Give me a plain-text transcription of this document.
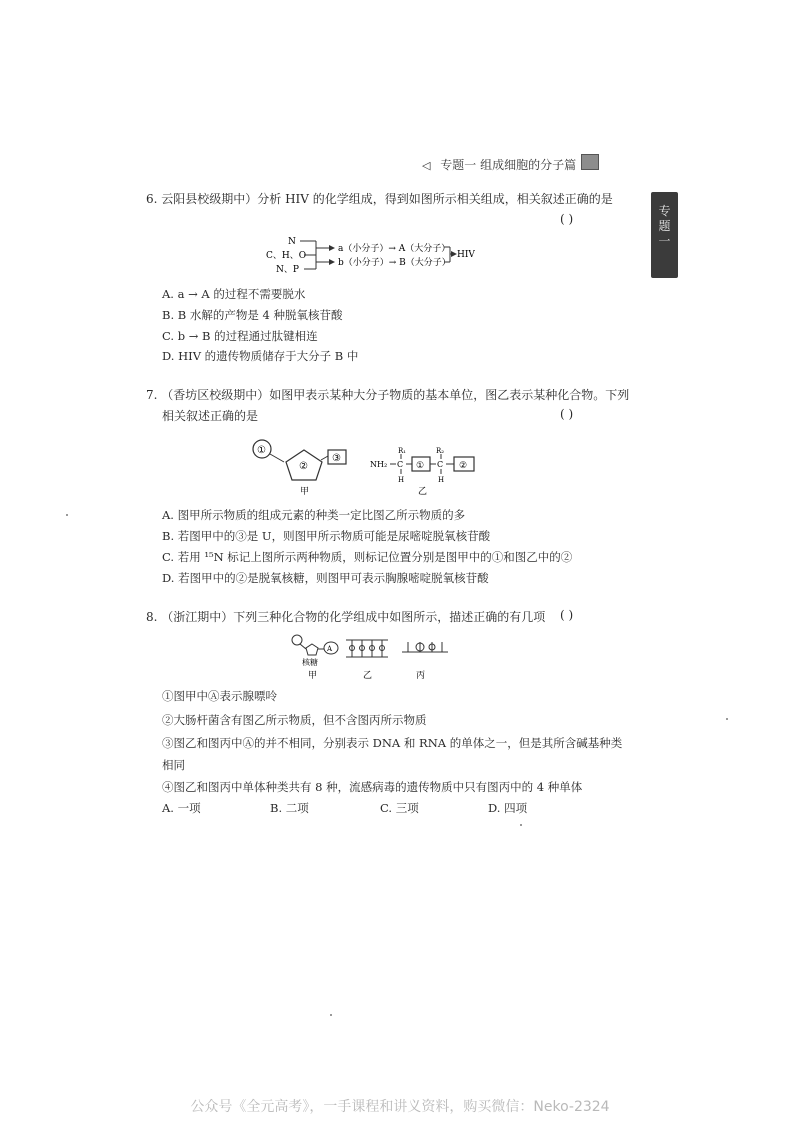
◁ 专题一 组成细胞的分子篇
专题一
6. 云阳县校级期中）分析 HIV 的化学组成，得到如图所示相关组成，相关叙述正确的是
( )
N
C、H、O
N、P
a（小分子）→ A（大分子）
b（小分子）→ B（大分子）
HIV
A. a → A 的过程不需要脱水
B. B 水解的产物是 4 种脱氧核苷酸
C. b → B 的过程通过肽键相连
D. HIV 的遗传物质储存于大分子 B 中
7. （香坊区校级期中）如图甲表示某种大分子物质的基本单位，图乙表示某种化合物。下列
相关叙述正确的是	( )
①
②
③
甲
R₁
NH₂ C
H
①
R₂
C
H
②
乙
A. 图甲所示物质的组成元素的种类一定比图乙所示物质的多
B. 若图甲中的③是 U，则图甲所示物质可能是尿嘧啶脱氧核苷酸
C. 若用 ¹⁵N 标记上图所示两种物质，则标记位置分别是图甲中的①和图乙中的②
D. 若图甲中的②是脱氧核糖，则图甲可表示胸腺嘧啶脱氧核苷酸
8. （浙江期中）下列三种化合物的化学组成中如图所示，描述正确的有几项 ( )
A
核糖
甲	乙	丙
①图甲中Ⓐ表示腺嘌呤
②大肠杆菌含有图乙所示物质，但不含图丙所示物质
③图乙和图丙中Ⓐ的并不相同，分别表示 DNA 和 RNA 的单体之一，但是其所含碱基种类
相同
④图乙和图丙中单体种类共有 8 种，流感病毒的遗传物质中只有图丙中的 4 种单体
A. 一项	B. 二项	C. 三项	D. 四项
公众号《全元高考》，一手课程和讲义资料，购买微信：Neko-2324
